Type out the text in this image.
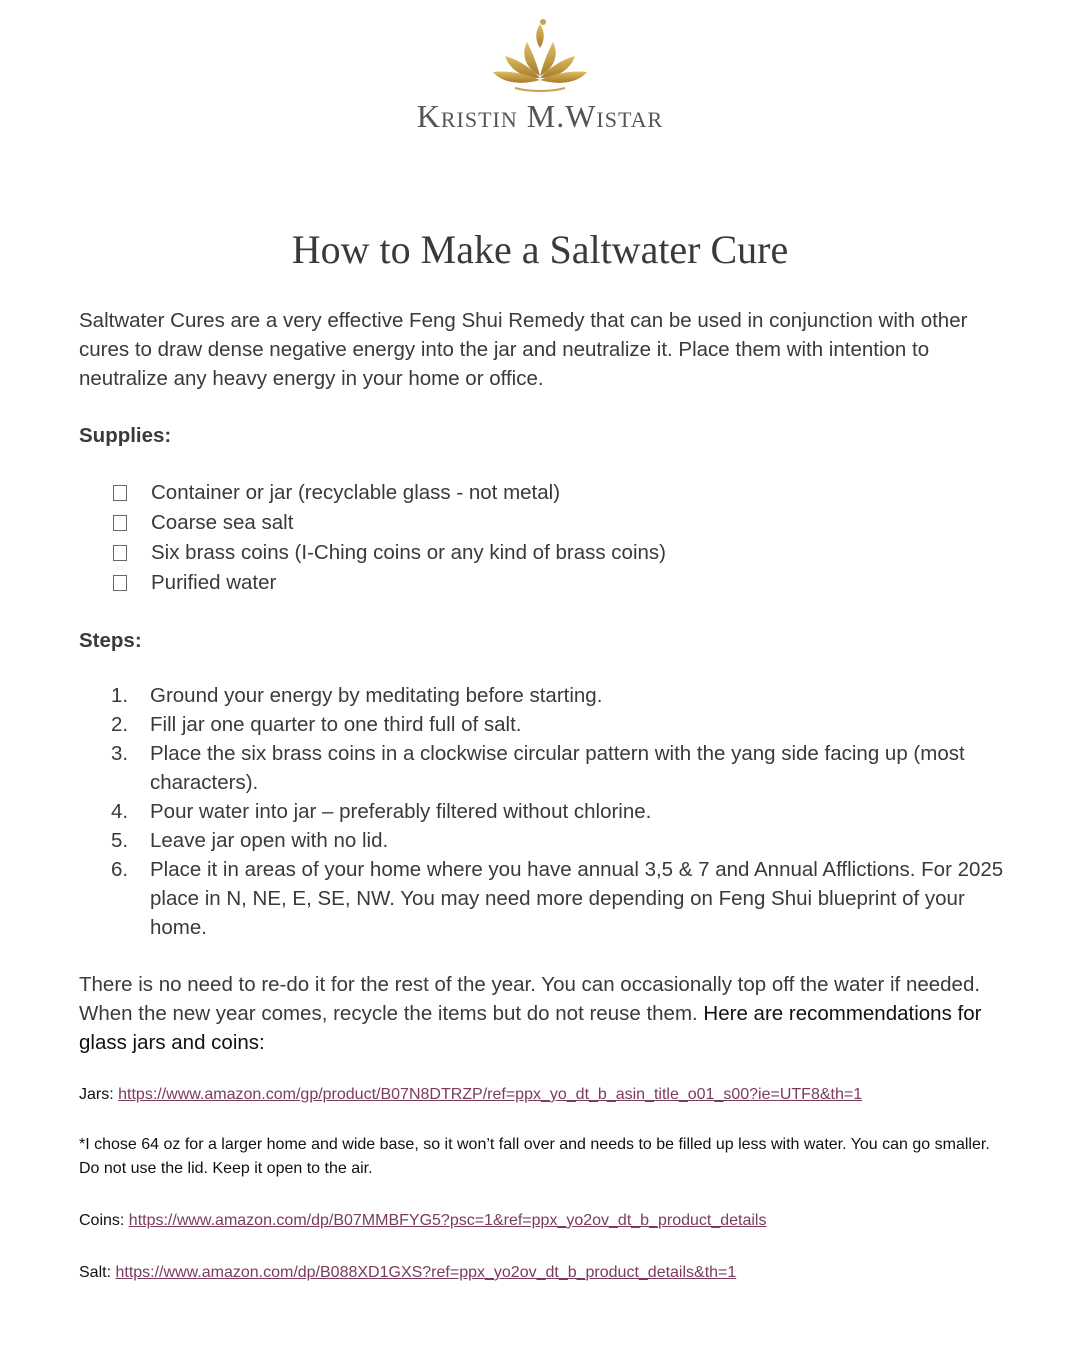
Kristin M.Wistar
How to Make a Saltwater Cure

Saltwater Cures are a very effective Feng Shui Remedy that can be used in conjunction with other cures to draw dense negative energy into the jar and neutralize it. Place them with intention to neutralize any heavy energy in your home or office.

Supplies:

Container or jar (recyclable glass - not metal)
Coarse sea salt
Six brass coins (I-Ching coins or any kind of brass coins)
Purified water

Steps:

1.	Ground your energy by meditating before starting.
2.	Fill jar one quarter to one third full of salt.
3.	Place the six brass coins in a clockwise circular pattern with the yang side facing up (most characters).
4.	Pour water into jar – preferably filtered without chlorine.
5.	Leave jar open with no lid.
6.	Place it in areas of your home where you have annual 3,5 & 7 and Annual Afflictions. For 2025 place in N, NE, E, SE, NW. You may need more depending on Feng Shui blueprint of your home.

There is no need to re-do it for the rest of the year. You can occasionally top off the water if needed. When the new year comes, recycle the items but do not reuse them. Here are recommendations for glass jars and coins:

Jars: https://www.amazon.com/gp/product/B07N8DTRZP/ref=ppx_yo_dt_b_asin_title_o01_s00?ie=UTF8&th=1

*I chose 64 oz for a larger home and wide base, so it won’t fall over and needs to be filled up less with water. You can go smaller. Do not use the lid. Keep it open to the air.

Coins: https://www.amazon.com/dp/B07MMBFYG5?psc=1&ref=ppx_yo2ov_dt_b_product_details

Salt: https://www.amazon.com/dp/B088XD1GXS?ref=ppx_yo2ov_dt_b_product_details&th=1
